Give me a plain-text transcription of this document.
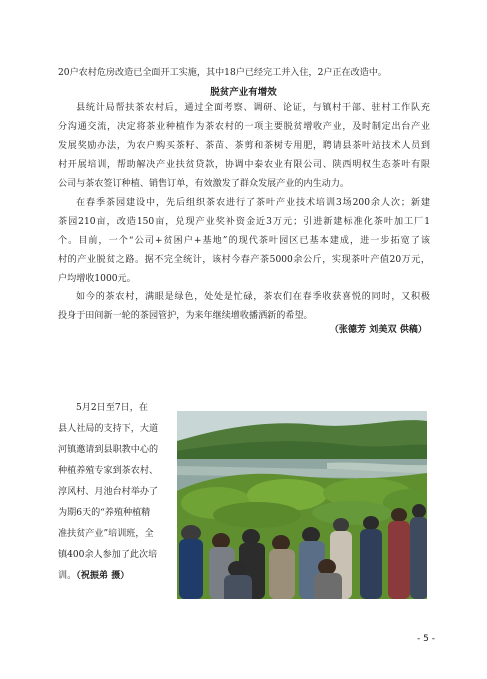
20户农村危房改造已全面开工实施，其中18户已经完工并入住，2户正在改造中。
脱贫产业有增效
县统计局帮扶茶农村后，通过全面考察、调研、论证，与镇村干部、驻村工作队充
分沟通交流，决定将茶业种植作为茶农村的一项主要脱贫增收产业，及时制定出台产业
发展奖励办法，为农户购买茶籽、茶苗、茶剪和茶树专用肥，聘请县茶叶站技术人员到
村开展培训，帮助解决产业扶贫贷款，协调中泰农业有限公司、陕西明权生态茶叶有限
公司与茶农签订种植、销售订单，有效激发了群众发展产业的内生动力。
在春季茶园建设中，先后组织茶农进行了茶叶产业技术培训3场200余人次；新建
茶园210亩，改造150亩，兑现产业奖补资金近3万元；引进新建标准化茶叶加工厂1
个。目前，一个“公司+贫困户+基地”的现代茶叶园区已基本建成，进一步拓宽了该
村的产业脱贫之路。据不完全统计，该村今春产茶5000余公斤，实现茶叶产值20万元，
户均增收1000元。
如今的茶农村，满眼是绿色，处处是忙碌，茶农们在春季收获喜悦的同时，又积极
投身于田间新一轮的茶园管护，为来年继续增收播洒新的希望。
（张德芳 刘美双 供稿）
5月2日至7日，在
县人社局的支持下，大道
河镇邀请到县职教中心的
种植养殖专家到茶农村、
淳风村、月池台村举办了
为期6天的“养殖种植精
准扶贫产业”培训班，全
镇400余人参加了此次培
训。（祝振弟 摄）
- 5 -
